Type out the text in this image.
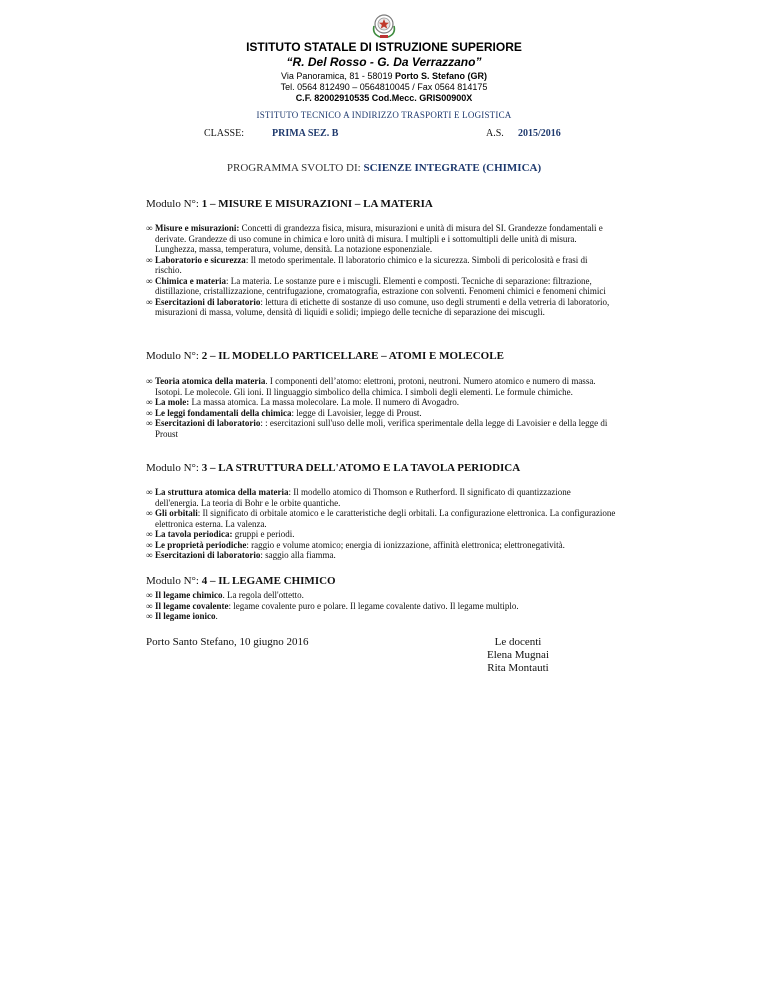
ISTITUTO STATALE DI ISTRUZIONE SUPERIORE
“R. Del Rosso - G. Da Verrazzano”
Via Panoramica, 81 - 58019 Porto S. Stefano (GR)
Tel. 0564 812490 – 0564810045 / Fax 0564 814175
C.F. 82002910535 Cod.Mecc. GRIS00900X
ISTITUTO TECNICO A INDIRIZZO TRASPORTI E LOGISTICA
CLASSE:	PRIMA SEZ. B	A.S. 2015/2016
PROGRAMMA SVOLTO DI: SCIENZE INTEGRATE (CHIMICA)
Modulo N°: 1 – MISURE E MISURAZIONI – LA MATERIA

∞ Misure e misurazioni: Concetti di grandezza fisica, misura, misurazioni e unità di misura del SI. Grandezze fondamentali e derivate. Grandezze di uso comune in chimica e loro unità di misura. I multipli e i sottomultipli delle unità di misura. Lunghezza, massa, temperatura, volume, densità. La notazione esponenziale.

∞ Laboratorio e sicurezza: Il metodo sperimentale. Il laboratorio chimico e la sicurezza. Simboli di pericolosità e frasi di rischio.

∞ Chimica e materia: La materia. Le sostanze pure e i miscugli. Elementi e composti. Tecniche di separazione: filtrazione, distillazione, cristallizzazione, centrifugazione, cromatografia, estrazione con solventi. Fenomeni chimici e fenomeni chimici

∞ Esercitazioni di laboratorio: lettura di etichette di sostanze di uso comune, uso degli strumenti e della vetreria di laboratorio, misurazioni di massa, volume, densità di liquidi e solidi; impiego delle tecniche di separazione dei miscugli.

Modulo N°: 2 – IL MODELLO PARTICELLARE – ATOMI E MOLECOLE

∞ Teoria atomica della materia. I componenti dell’atomo: elettroni, protoni, neutroni. Numero atomico e numero di massa. Isotopi. Le molecole. Gli ioni. Il linguaggio simbolico della chimica. I simboli degli elementi. Le formule chimiche.

∞ La mole: La massa atomica. La massa molecolare. La mole. Il numero di Avogadro.

∞ Le leggi fondamentali della chimica: legge di Lavoisier, legge di Proust.

∞ Esercitazioni di laboratorio: : esercitazioni sull'uso delle moli, verifica sperimentale della legge di Lavoisier e della legge di Proust

Modulo N°: 3 – LA STRUTTURA DELL'ATOMO E LA TAVOLA PERIODICA

∞ La struttura atomica della materia: Il modello atomico di Thomson e Rutherford. Il significato di quantizzazione dell'energia. La teoria di Bohr e le orbite quantiche.

∞ Gli orbitali: Il significato di orbitale atomico e le caratteristiche degli orbitali. La configurazione elettronica. La configurazione elettronica esterna. La valenza.

∞ La tavola periodica: gruppi e periodi.

∞ Le proprietà periodiche: raggio e volume atomico; energia di ionizzazione, affinità elettronica; elettronegatività.

∞ Esercitazioni di laboratorio: saggio alla fiamma.

Modulo N°: 4 – IL LEGAME CHIMICO

∞ Il legame chimico. La regola dell'ottetto.

∞ Il legame covalente: legame covalente puro e polare. Il legame covalente dativo. Il legame multiplo.

∞ Il legame ionico.

Porto Santo Stefano, 10 giugno 2016	Le docenti
Elena Mugnai
Rita Montauti
